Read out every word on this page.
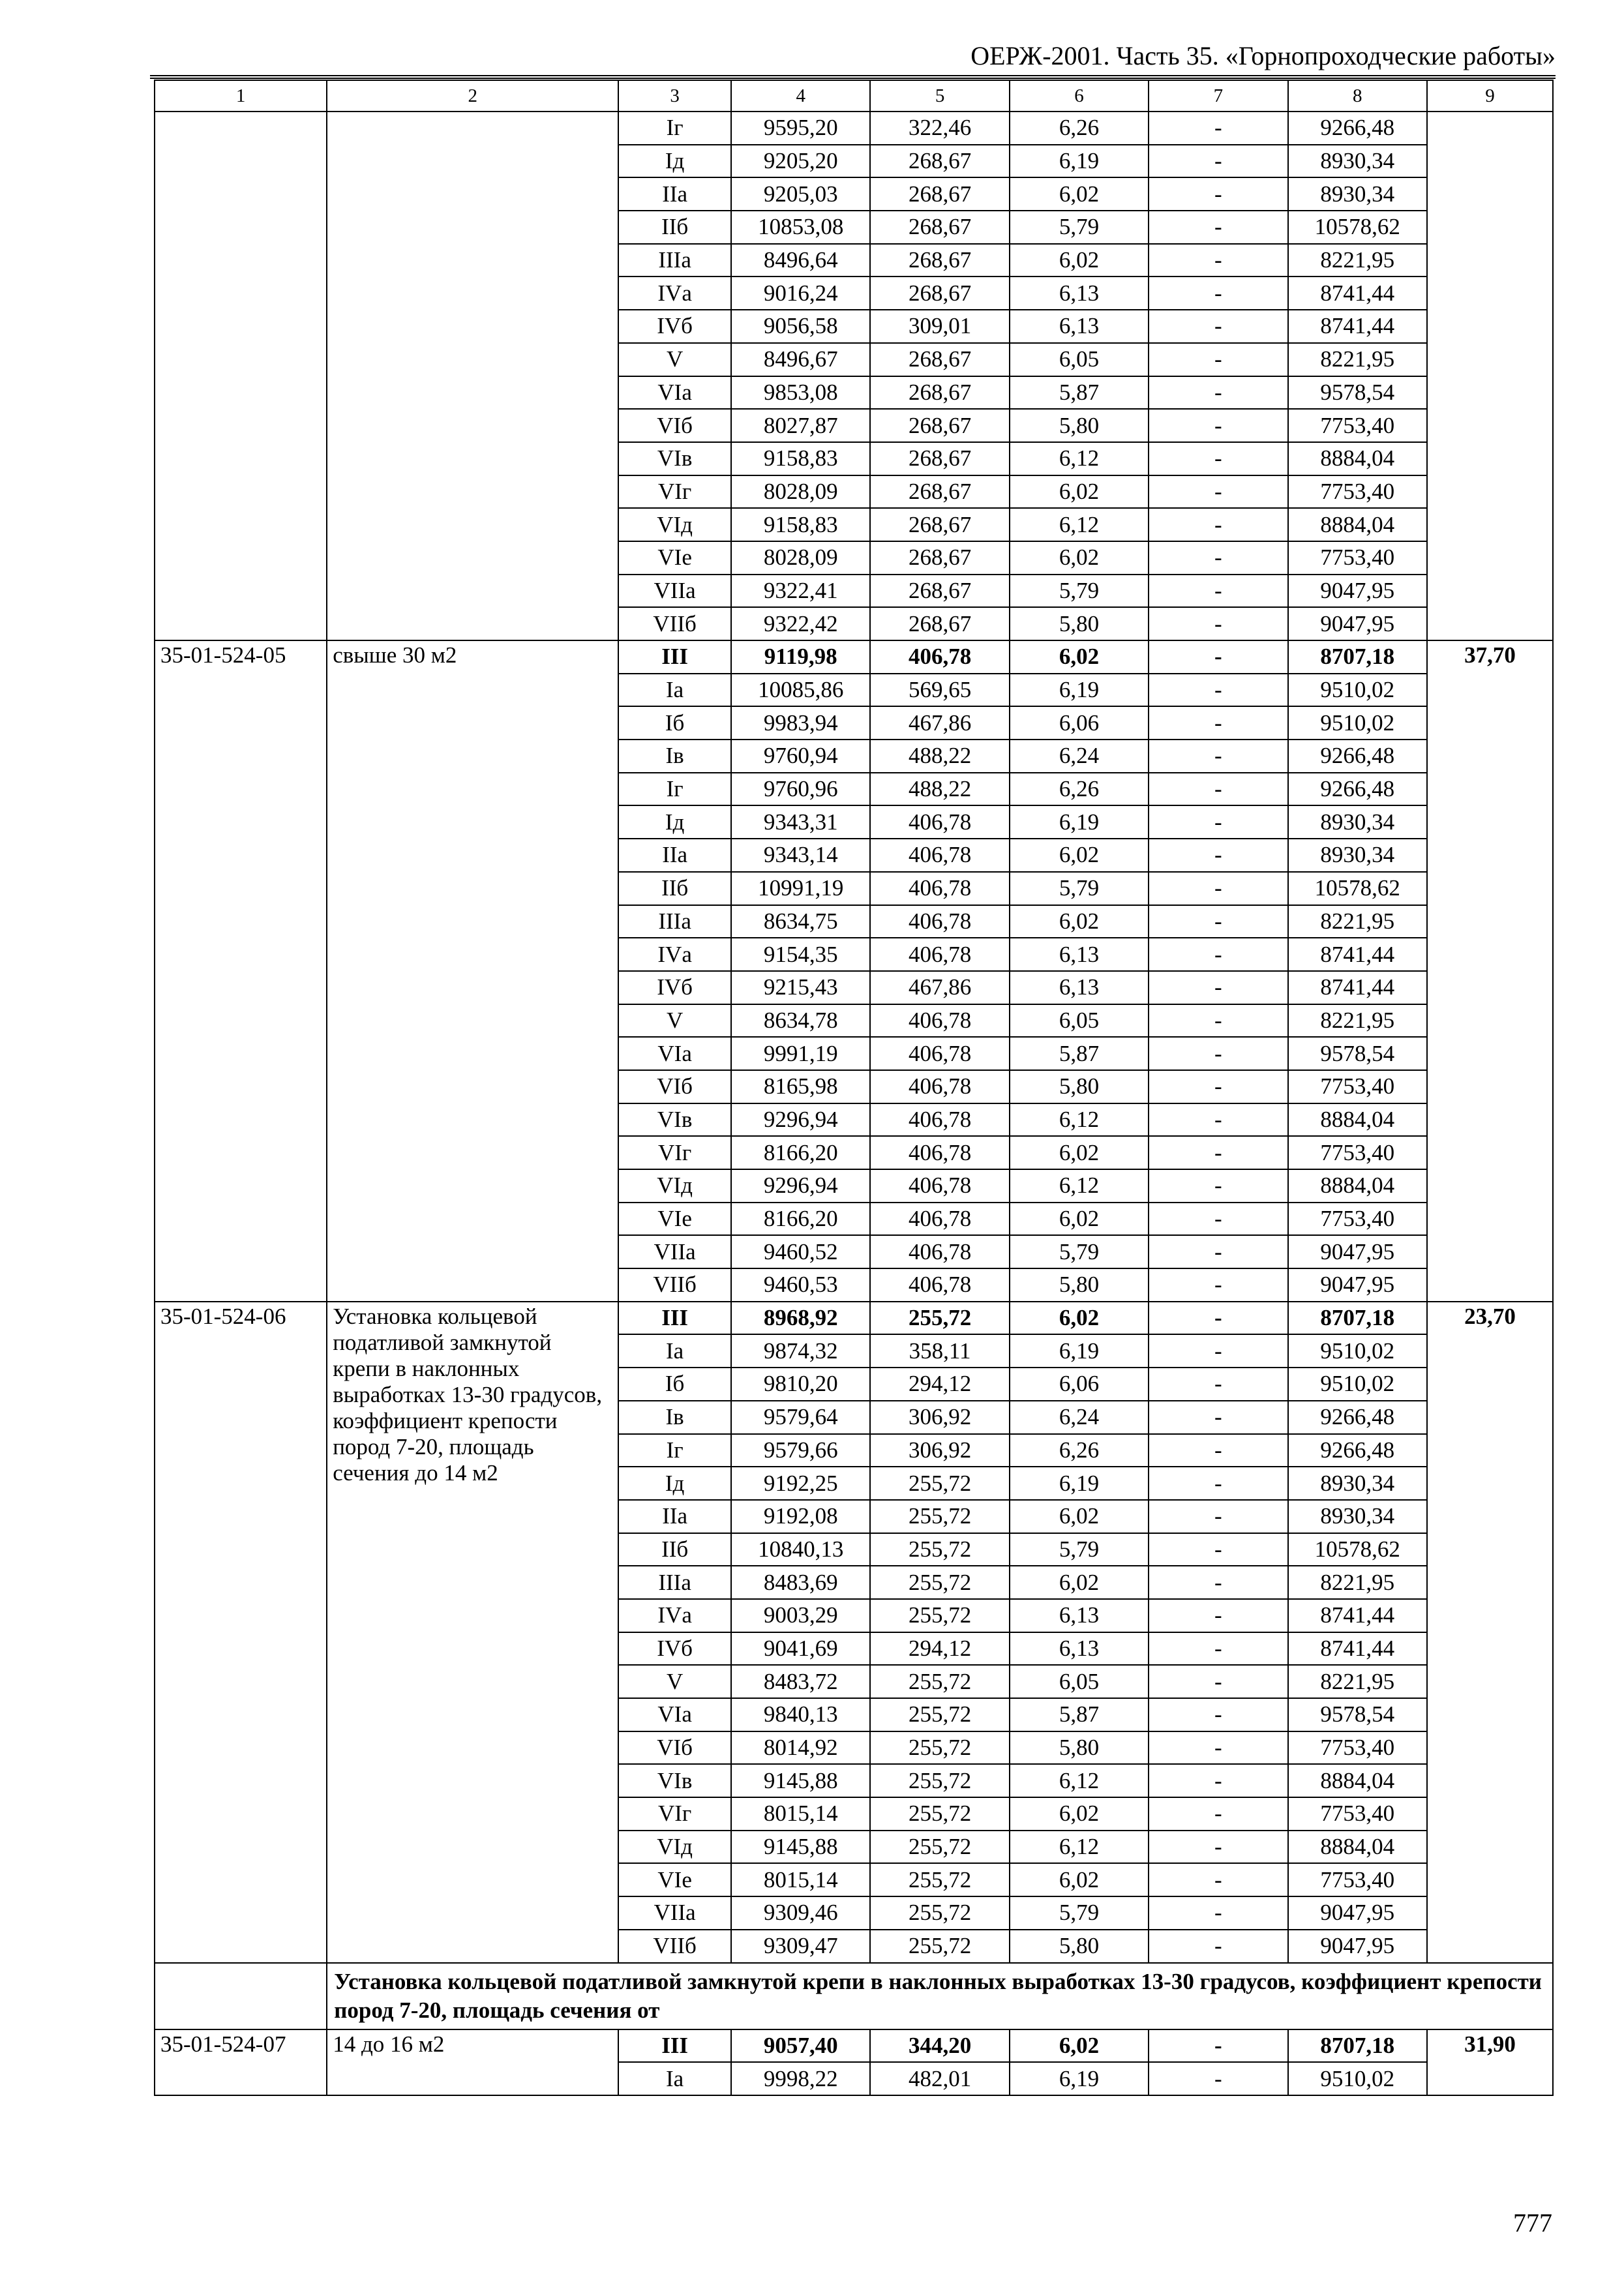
ОЕРЖ-2001. Часть 35. «Горнопроходческие работы»
1	2	3	4	5	6	7	8	9
		Iг	9595,20	322,46	6,26	-	9266,48	
		Iд	9205,20	268,67	6,19	-	8930,34	
		IIа	9205,03	268,67	6,02	-	8930,34	
		IIб	10853,08	268,67	5,79	-	10578,62	
		IIIа	8496,64	268,67	6,02	-	8221,95	
		IVа	9016,24	268,67	6,13	-	8741,44	
		IVб	9056,58	309,01	6,13	-	8741,44	
		V	8496,67	268,67	6,05	-	8221,95	
		VIа	9853,08	268,67	5,87	-	9578,54	
		VIб	8027,87	268,67	5,80	-	7753,40	
		VIв	9158,83	268,67	6,12	-	8884,04	
		VIг	8028,09	268,67	6,02	-	7753,40	
		VIд	9158,83	268,67	6,12	-	8884,04	
		VIе	8028,09	268,67	6,02	-	7753,40	
		VIIа	9322,41	268,67	5,79	-	9047,95	
		VIIб	9322,42	268,67	5,80	-	9047,95	
35-01-524-05	свыше 30 м2	III	9119,98	406,78	6,02	-	8707,18	37,70
		Iа	10085,86	569,65	6,19	-	9510,02	
		Iб	9983,94	467,86	6,06	-	9510,02	
		Iв	9760,94	488,22	6,24	-	9266,48	
		Iг	9760,96	488,22	6,26	-	9266,48	
		Iд	9343,31	406,78	6,19	-	8930,34	
		IIа	9343,14	406,78	6,02	-	8930,34	
		IIб	10991,19	406,78	5,79	-	10578,62	
		IIIа	8634,75	406,78	6,02	-	8221,95	
		IVа	9154,35	406,78	6,13	-	8741,44	
		IVб	9215,43	467,86	6,13	-	8741,44	
		V	8634,78	406,78	6,05	-	8221,95	
		VIа	9991,19	406,78	5,87	-	9578,54	
		VIб	8165,98	406,78	5,80	-	7753,40	
		VIв	9296,94	406,78	6,12	-	8884,04	
		VIг	8166,20	406,78	6,02	-	7753,40	
		VIд	9296,94	406,78	6,12	-	8884,04	
		VIе	8166,20	406,78	6,02	-	7753,40	
		VIIа	9460,52	406,78	5,79	-	9047,95	
		VIIб	9460,53	406,78	5,80	-	9047,95	
35-01-524-06	Установка кольцевой податливой замкнутой крепи в наклонных выработках 13-30 градусов, коэффициент крепости пород 7-20, площадь сечения до 14 м2	III	8968,92	255,72	6,02	-	8707,18	23,70
		Iа	9874,32	358,11	6,19	-	9510,02	
		Iб	9810,20	294,12	6,06	-	9510,02	
		Iв	9579,64	306,92	6,24	-	9266,48	
		Iг	9579,66	306,92	6,26	-	9266,48	
		Iд	9192,25	255,72	6,19	-	8930,34	
		IIа	9192,08	255,72	6,02	-	8930,34	
		IIб	10840,13	255,72	5,79	-	10578,62	
		IIIа	8483,69	255,72	6,02	-	8221,95	
		IVа	9003,29	255,72	6,13	-	8741,44	
		IVб	9041,69	294,12	6,13	-	8741,44	
		V	8483,72	255,72	6,05	-	8221,95	
		VIа	9840,13	255,72	5,87	-	9578,54	
		VIб	8014,92	255,72	5,80	-	7753,40	
		VIв	9145,88	255,72	6,12	-	8884,04	
		VIг	8015,14	255,72	6,02	-	7753,40	
		VIд	9145,88	255,72	6,12	-	8884,04	
		VIе	8015,14	255,72	6,02	-	7753,40	
		VIIа	9309,46	255,72	5,79	-	9047,95	
		VIIб	9309,47	255,72	5,80	-	9047,95	
	Установка кольцевой податливой замкнутой крепи в наклонных выработках 13-30 градусов, коэффициент крепости пород 7-20, площадь сечения от							
35-01-524-07	14 до 16 м2	III	9057,40	344,20	6,02	-	8707,18	31,90
		Iа	9998,22	482,01	6,19	-	9510,02	
777
